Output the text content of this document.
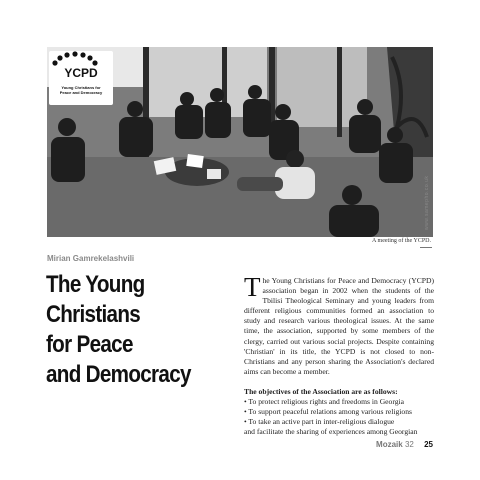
YCPD
Young Christians for
Peace and Democracy
www.samepho.co.uk
A meeting of the YCPD.
Mirian Gamrekelashvili
The Young
Christians
for Peace
and Democracy

The Young Christians for Peace and Democracy (YCPD) association began in 2002 when the students of the Tbilisi Theological Seminary and young leaders from different religious communities formed an association to study and research various theological issues. At the same time, the association, supported by some members of the clergy, carried out various social projects. Despite containing 'Christian' in its title, the YCPD is not closed to non-Christians and any person sharing the Association's declared aims can become a member.

The objectives of the Association are as follows:

• To protect religious rights and freedoms in Georgia
• To support peaceful relations among various religions
• To take an active part in inter-religious dialogue
and facilitate the sharing of experiences among Georgian
Mozaik 32 25
